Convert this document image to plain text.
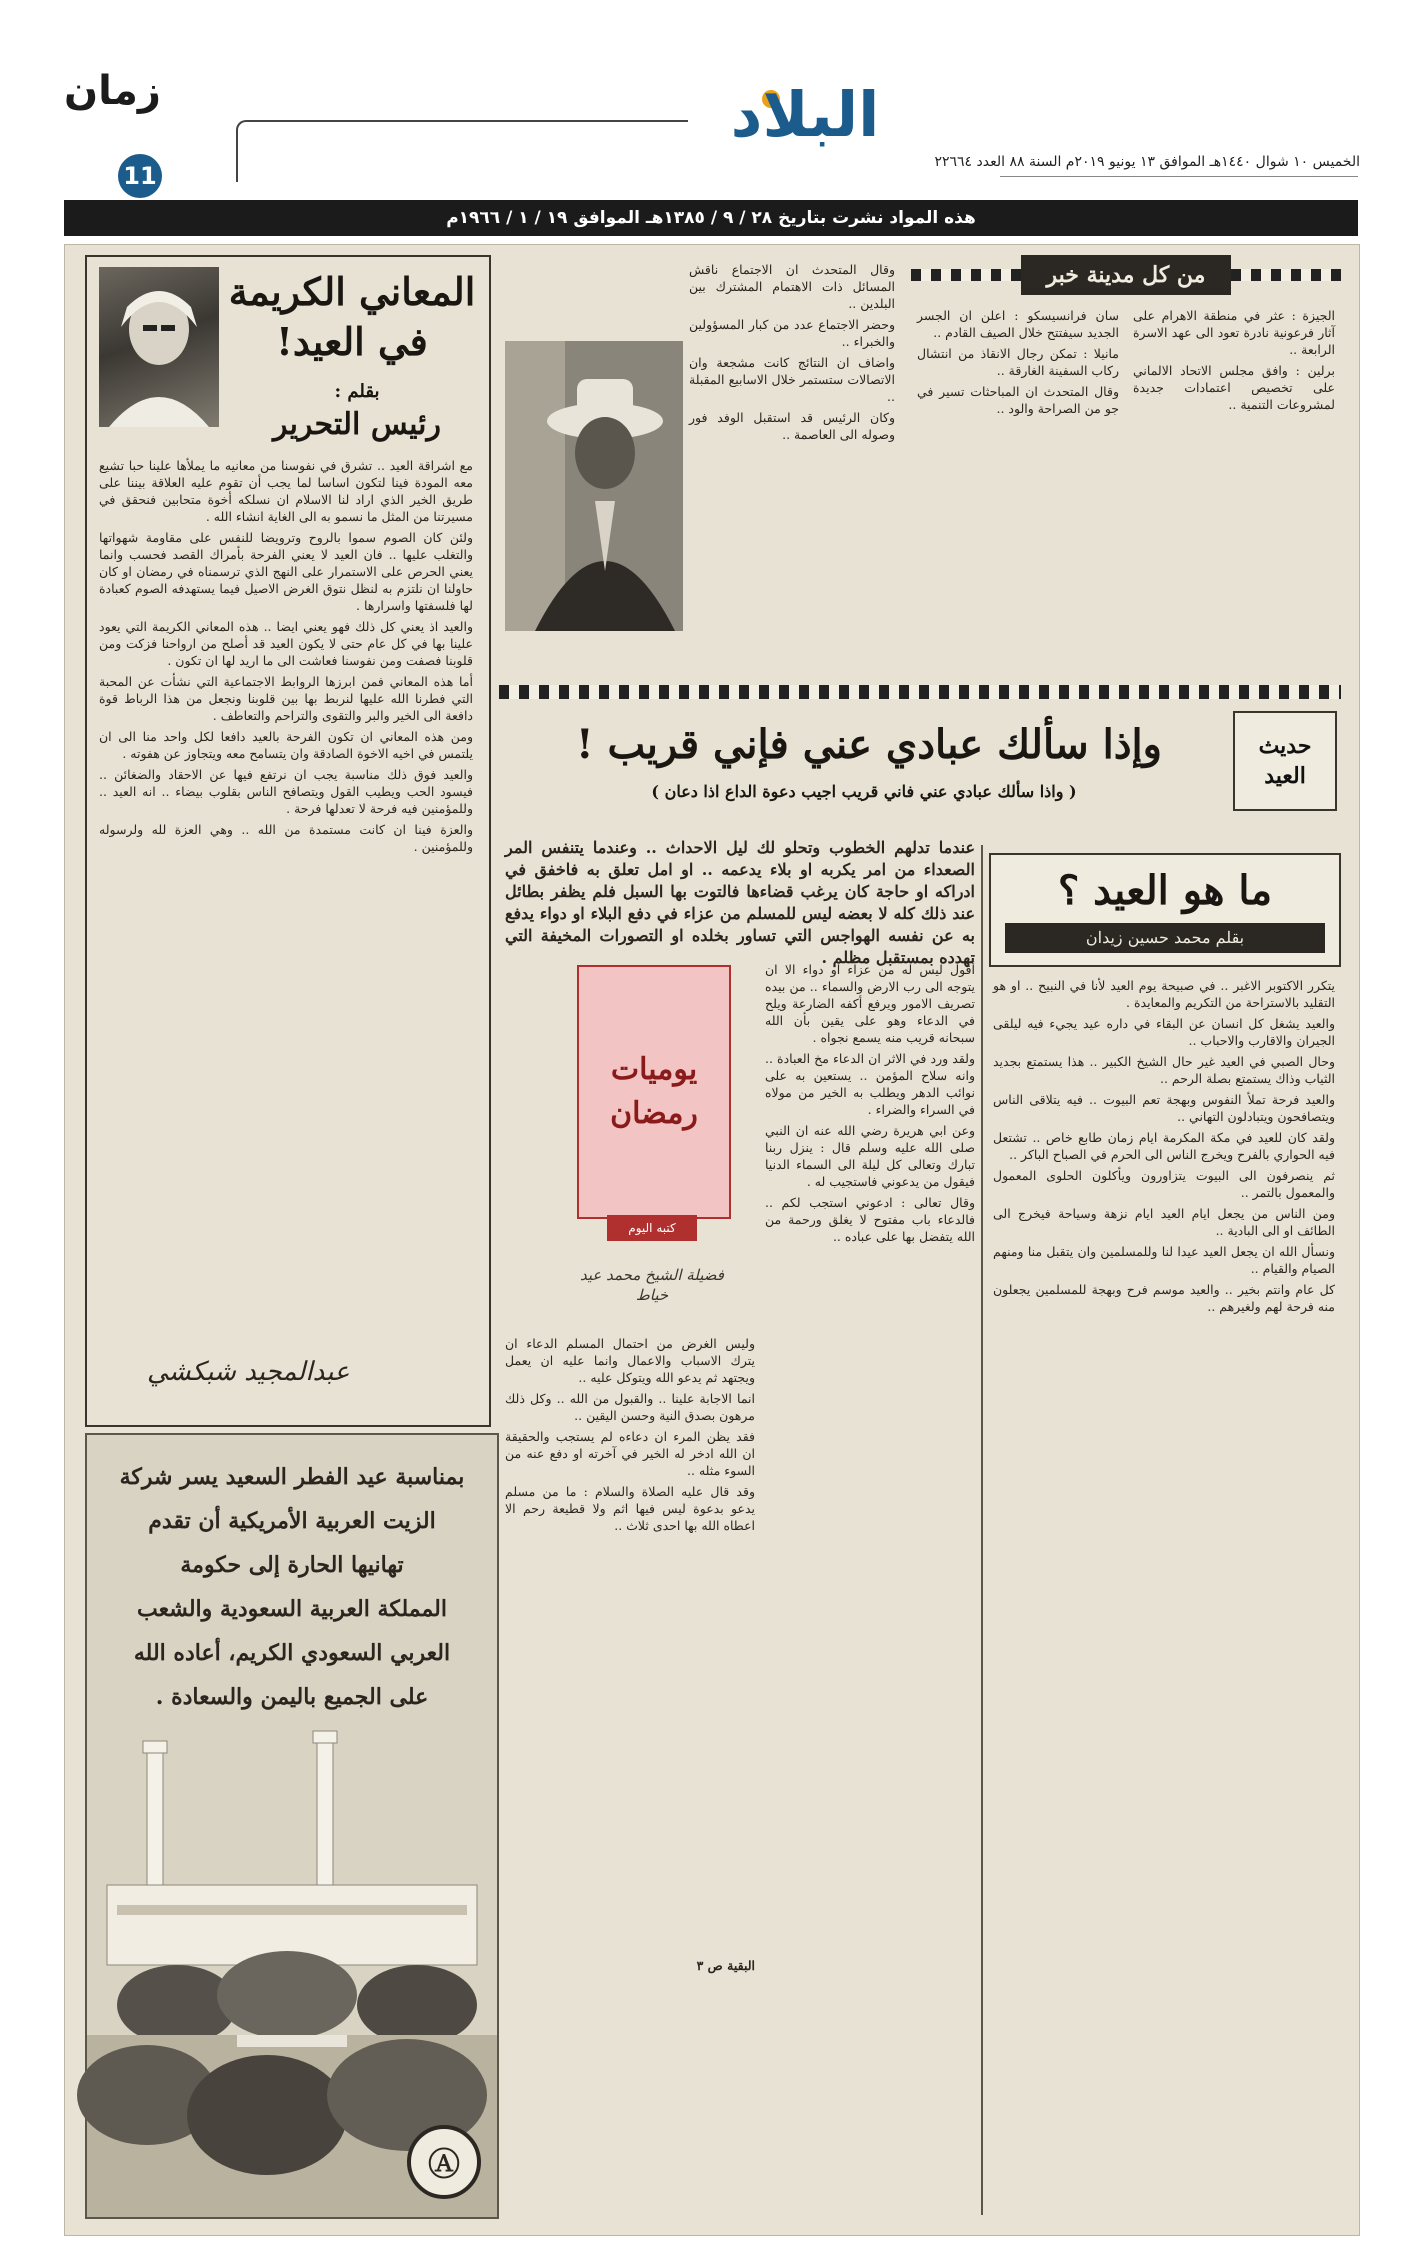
زمان
11
البلاد
الخميس ١٠ شوال ١٤٤٠هـ الموافق ١٣ يونيو ٢٠١٩م السنة ٨٨ العدد ٢٢٦٦٤
هذه المواد نشرت بتاريخ ٢٨ / ٩ / ١٣٨٥هـ الموافق ١٩ / ١ / ١٩٦٦م
المعاني الكريمة
في العيد!
بقلم :
رئيس التحرير

مع اشراقة العيد .. تشرق في نفوسنا من معانيه ما يملأها علينا حبا تشيع معه المودة فينا لتكون اساسا لما يجب أن تقوم عليه العلاقة بيننا على طريق الخير الذي اراد لنا الاسلام ان نسلكه أخوة متحابين فنحقق في مسيرتنا من المثل ما نسمو به الى الغاية انشاء الله .

ولئن كان الصوم سموا بالروح وترويضا للنفس على مقاومة شهواتها والتغلب عليها .. فان العيد لا يعني الفرحة بأمراك القصد فحسب وانما يعني الحرص على الاستمرار على النهج الذي ترسمناه في رمضان او كان حاولنا ان نلتزم به لنظل نتوق الغرض الاصيل فيما يستهدفه الصوم كعبادة لها فلسفتها واسرارها .

والعيد اذ يعني كل ذلك فهو يعني ايضا .. هذه المعاني الكريمة التي يعود علينا بها في كل عام حتى لا يكون العيد قد أصلح من ارواحنا فزكت ومن قلوبنا فصفت ومن نفوسنا فعاشت الى ما اريد لها ان تكون .

أما هذه المعاني فمن ابرزها الروابط الاجتماعية التي نشأت عن المحبة التي فطرنا الله عليها لنربط بها بين قلوبنا ونجعل من هذا الرباط قوة دافعة الى الخير والبر والتقوى والتراحم والتعاطف .

ومن هذه المعاني ان تكون الفرحة بالعيد دافعا لكل واحد منا الى ان يلتمس في اخيه الاخوة الصادقة وان يتسامح معه ويتجاوز عن هفوته .

والعيد فوق ذلك مناسبة يجب ان نرتفع فيها عن الاحقاد والضغائن .. فيسود الحب ويطيب القول ويتصافح الناس بقلوب بيضاء .. انه العيد .. وللمؤمنين فيه فرحة لا تعدلها فرحة .

والعزة فينا ان كانت مستمدة من الله .. وهي العزة لله ولرسوله وللمؤمنين .

عبدالمجيد شبكشي

وقال المتحدث ان الاجتماع ناقش المسائل ذات الاهتمام المشترك بين البلدين ..

وحضر الاجتماع عدد من كبار المسؤولين والخبراء ..

واضاف ان النتائج كانت مشجعة وان الاتصالات ستستمر خلال الاسابيع المقبلة ..

وكان الرئيس قد استقبل الوفد فور وصوله الى العاصمة ..

من كل مدينة خبر

الجيزة : عثر في منطقة الاهرام على آثار فرعونية نادرة تعود الى عهد الاسرة الرابعة ..

برلين : وافق مجلس الاتحاد الالماني على تخصيص اعتمادات جديدة لمشروعات التنمية ..

سان فرانسيسكو : اعلن ان الجسر الجديد سيفتتح خلال الصيف القادم ..

مانيلا : تمكن رجال الانقاذ من انتشال ركاب السفينة الغارقة ..

وقال المتحدث ان المباحثات تسير في جو من الصراحة والود ..

حديث
العيد
وإذا سألك عبادي عني فإني قريب !
( واذا سألك عبادي عني فاني قريب اجيب دعوة الداع اذا دعان )
عندما تدلهم الخطوب وتحلو لك ليل الاحداث .. وعندما يتنفس المر الصعداء من امر يكربه او بلاء يدعمه .. او امل تعلق به فاخفق في ادراكه او حاجة كان يرغب قضاءها فالتوت بها السبل فلم يظفر بطائل عند ذلك كله لا بعضه ليس للمسلم من عزاء في دفع البلاء او دواء يدفع به عن نفسه الهواجس التي تساور بخلده او التصورات المخيفة التي تهدده بمستقبل مظلم .

أقول ليس له من عزاء او دواء الا ان يتوجه الى رب الارض والسماء .. من بيده تصريف الامور ويرفع أكفه الضارعة ويلح في الدعاء وهو على يقين بأن الله سبحانه قريب منه يسمع نجواه .

ولقد ورد في الاثر ان الدعاء مخ العبادة .. وانه سلاح المؤمن .. يستعين به على نوائب الدهر ويطلب به الخير من مولاه في السراء والضراء .

وعن ابي هريرة رضي الله عنه ان النبي صلى الله عليه وسلم قال : ينزل ربنا تبارك وتعالى كل ليلة الى السماء الدنيا فيقول من يدعوني فاستجيب له .

وقال تعالى : ادعوني استجب لكم .. فالدعاء باب مفتوح لا يغلق ورحمة من الله يتفضل بها على عباده ..

يوميات
رمضان
كتبه اليوم
فضيلة الشيخ محمد عيد خياط

وليس الغرض من احتمال المسلم الدعاء ان يترك الاسباب والاعمال وانما عليه ان يعمل ويجتهد ثم يدعو الله ويتوكل عليه ..

انما الاجابة علينا .. والقبول من الله .. وكل ذلك مرهون بصدق النية وحسن اليقين ..

فقد يظن المرء ان دعاءه لم يستجب والحقيقة ان الله ادخر له الخير في آخرته او دفع عنه من السوء مثله ..

وقد قال عليه الصلاة والسلام : ما من مسلم يدعو بدعوة ليس فيها اثم ولا قطيعة رحم الا اعطاه الله بها احدى ثلاث ..

البقية ص ٣
ما هو العيد ؟
بقلم محمد حسين زيدان

يتكرر الاكتوبر الاغبر .. في صبيحة يوم العيد لأنا في النبيح .. او هو التقليد بالاستراحة من التكريم والمعايدة .

والعيد يشغل كل انسان عن البقاء في داره عيد يجيء فيه ليلقى الجيران والاقارب والاحباب ..

وحال الصبي في العيد غير حال الشيخ الكبير .. هذا يستمتع بجديد الثياب وذاك يستمتع بصلة الرحم ..

والعيد فرحة تملأ النفوس وبهجة تعم البيوت .. فيه يتلاقى الناس ويتصافحون ويتبادلون التهاني ..

ولقد كان للعيد في مكة المكرمة ايام زمان طابع خاص .. تشتعل فيه الحواري بالفرح ويخرج الناس الى الحرم في الصباح الباكر ..

ثم ينصرفون الى البيوت يتزاورون ويأكلون الحلوى المعمول والمعمول بالتمر ..

ومن الناس من يجعل ايام العيد ايام نزهة وسياحة فيخرج الى الطائف او الى البادية ..

ونسأل الله ان يجعل العيد عيدا لنا وللمسلمين وان يتقبل منا ومنهم الصيام والقيام ..

كل عام وانتم بخير .. والعيد موسم فرح وبهجة للمسلمين يجعلون منه فرحة لهم ولغيرهم ..

بمناسبة عيد الفطر السعيد يسر شركة
الزيت العربية الأمريكية أن تقدم
تهانيها الحارة إلى حكومة
المملكة العربية السعودية والشعب
العربي السعودي الكريم، أعاده الله
على الجميع باليمن والسعادة .
Ⓐ
